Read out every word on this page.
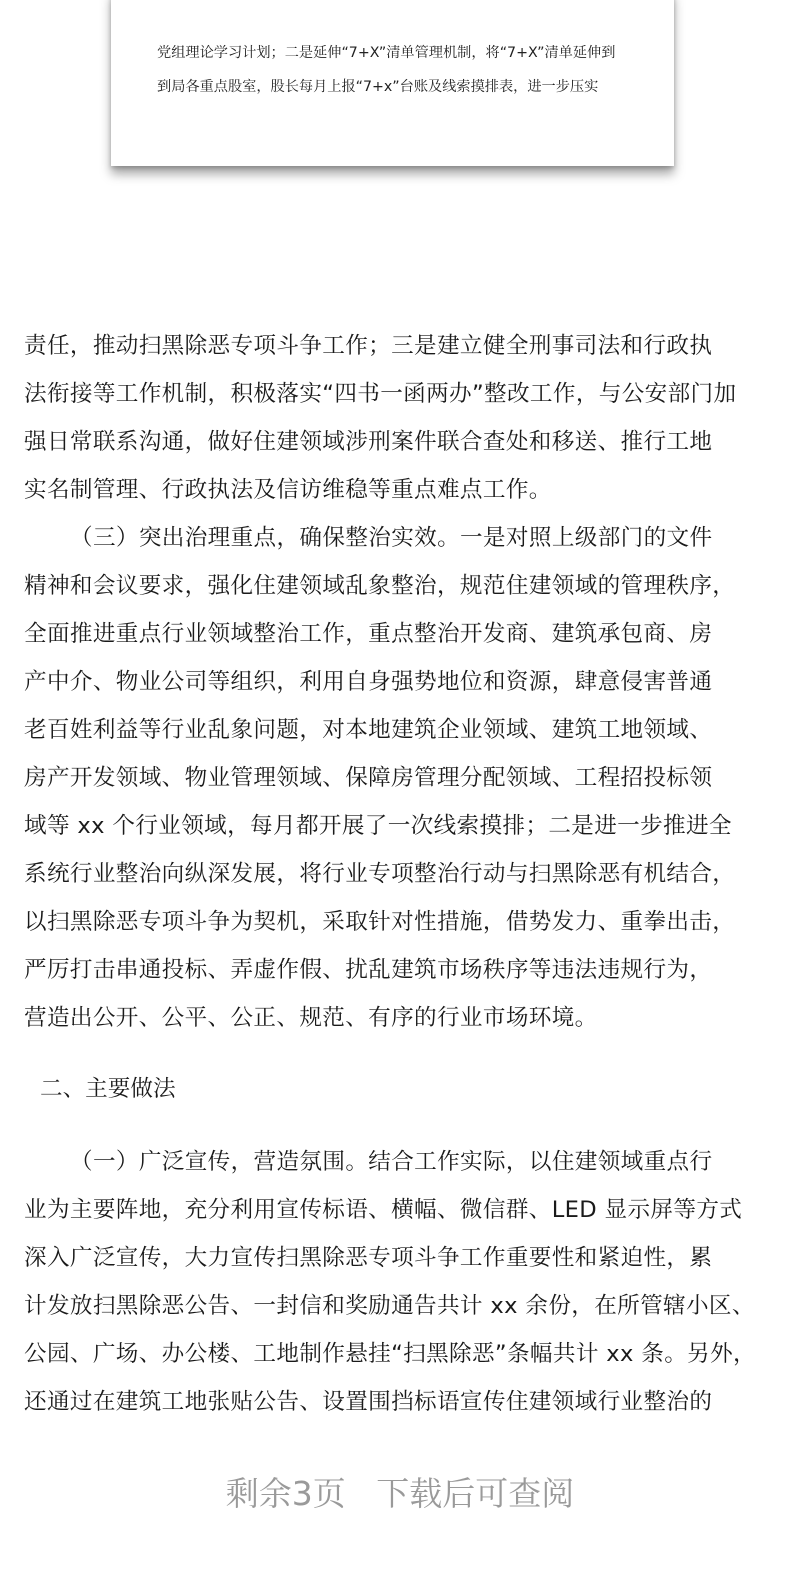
党组理论学习计划；二是延伸“7+X”清单管理机制，将“7+X”清单延伸到
到局各重点股室，股长每月上报“7+x”台账及线索摸排表，进一步压实
责任，推动扫黑除恶专项斗争工作；三是建立健全刑事司法和行政执
法衔接等工作机制，积极落实“四书一函两办”整改工作，与公安部门加
强日常联系沟通，做好住建领域涉刑案件联合查处和移送、推行工地
实名制管理、行政执法及信访维稳等重点难点工作。
（三）突出治理重点，确保整治实效。一是对照上级部门的文件
精神和会议要求，强化住建领域乱象整治，规范住建领域的管理秩序，
全面推进重点行业领域整治工作，重点整治开发商、建筑承包商、房
产中介、物业公司等组织，利用自身强势地位和资源，肆意侵害普通
老百姓利益等行业乱象问题，对本地建筑企业领域、建筑工地领域、
房产开发领域、物业管理领域、保障房管理分配领域、工程招投标领
域等 xx 个行业领域，每月都开展了一次线索摸排；二是进一步推进全
系统行业整治向纵深发展，将行业专项整治行动与扫黑除恶有机结合，
以扫黑除恶专项斗争为契机，采取针对性措施，借势发力、重拳出击，
严厉打击串通投标、弄虚作假、扰乱建筑市场秩序等违法违规行为，
营造出公开、公平、公正、规范、有序的行业市场环境。
二、主要做法
（一）广泛宣传，营造氛围。结合工作实际，以住建领域重点行
业为主要阵地，充分利用宣传标语、横幅、微信群、LED 显示屏等方式
深入广泛宣传，大力宣传扫黑除恶专项斗争工作重要性和紧迫性，累
计发放扫黑除恶公告、一封信和奖励通告共计 xx 余份，在所管辖小区、
公园、广场、办公楼、工地制作悬挂“扫黑除恶”条幅共计 xx 条。另外，
还通过在建筑工地张贴公告、设置围挡标语宣传住建领域行业整治的
剩余3页 下载后可查阅
